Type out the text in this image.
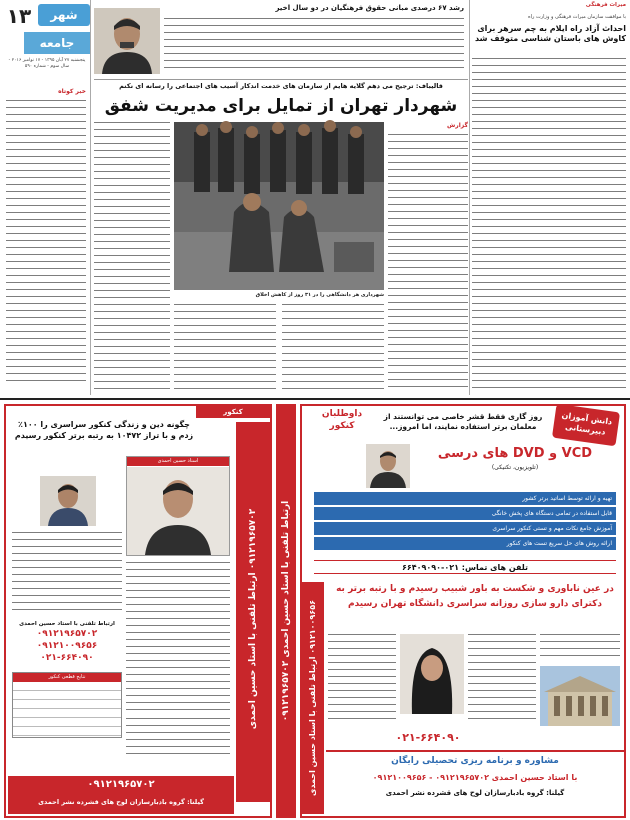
۱۳	شهر
جامعه
پنجشنبه ۲۷ آبان ۱۳۹۵ - ۱۷ نوامبر ۲۰۱۶ - سال سوم - شماره ۵۹۰
خبر کوتاه
رشد ۶۷ درصدی مبانی حقوق فرهنگیان در دو سال اخیر	میراث فرهنگی
با موافقت سازمان میراث فرهنگی و وزارت راه
احداث آزاد راه ایلام به چم سرهر برای کاوش های باستان شناسی متوقف شد
قالیباف: ترجیح می دهم گلایه هایم از سازمان های خدمت اندکار آسیب های اجتماعی را رسانه ای نکنم
شهردار تهران از تمایل برای مدیریت شفق
شهرداری هر دانشگاهی را در ۳۱ روز از کاهش اخلاق
گزارش
کنکور
چگونه دین و زندگی کنکور سراسری را ۱۰۰٪ زدم و با تراز ۱۰۴۷۲ به رتبه برتر کنکور رسیدم
۰۹۱۲۱۹۶۵۷۰۲ ارتباط تلفنی با استاد حسین احمدی
اسناد حسین احمدی
ارتباط تلفنی با استاد حسین احمدی
۰۹۱۲۱۹۶۵۷۰۲
۰۹۱۲۱۰۰۹۶۵۶
۰۲۱-۶۶۴۰۹۰
نتایج قطعی کنکور
۰۹۱۲۱۹۶۵۷۰۲
گیلنا: گروه بادبارسازان لوح های قشرده نشر احمدی
ارتباط تلفنی با استاد حسین احمدی ۰۹۱۲۱۹۶۵۷۰۲
داوطلبان کنکور
روز گاری فقط قشر خاصی می توانستند از معلمان برتر استفاده نمایند، اما امروز...	دانش آموزان دبیرستانی
VCD و DVD های درسی
(تلویزیون، تکنیکی)
تهیه و ارائه توسط اساتید برتر کشور
قابل استفاده در تمامی دستگاه های پخش خانگی
آموزش جامع نکات مهم و تستی کنکور سراسری
ارائه روش های حل سریع تست های کنکور
تلفن های تماس: ۰۲۱-۶۶۴۰۹۰۹۰
۰۹۱۲۱۰۰۹۶۵۶ ارتباط تلفنی با استاد حسین احمدی
در عین ناباوری و شکست به باور شبیب رسیدم و با رتبه برتر به دکترای دارو سازی روزانه سراسری دانشگاه تهران رسیدم
۰۲۱-۶۶۴۰۹۰
مشاوره و برنامه ریزی تحصیلی رایگان
با استاد حسین احمدی ۰۹۱۲۱۹۶۵۷۰۲ - ۰۹۱۲۱۰۰۹۶۵۶
گیلنا: گروه بادبارسازان لوح های قشرده نشر احمدی
